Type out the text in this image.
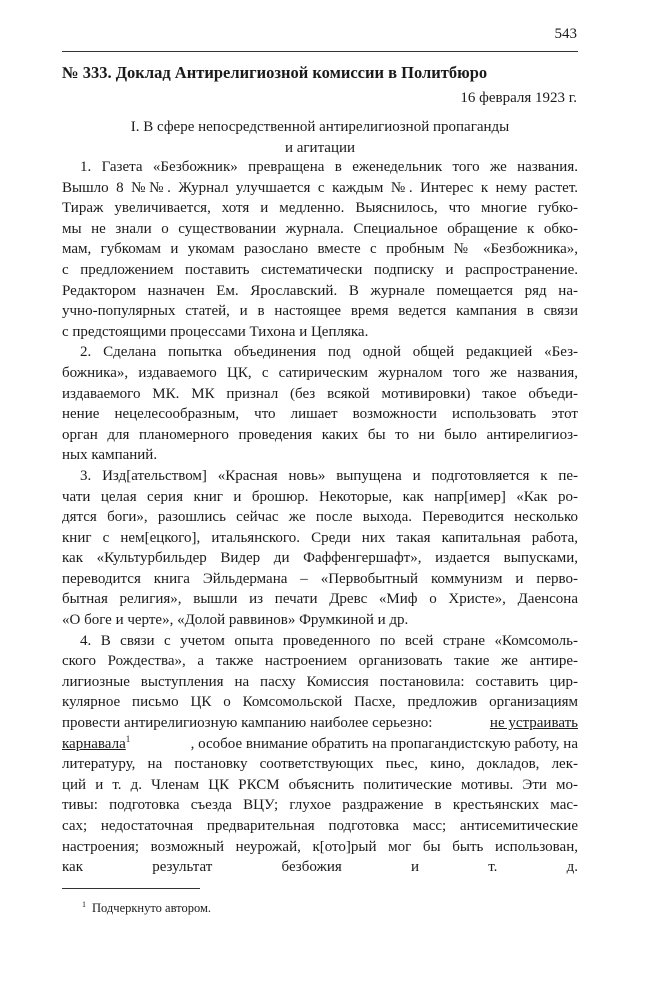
543
№ 333. Доклад Антирелигиозной комиссии в Политбюро
16 февраля 1923 г.
I. В сфере непосредственной антирелигиозной пропаганды
и агитации
1. Газета «Безбожник» превращена в еженедельник того же названия.
Вышло 8 №№. Журнал улучшается с каждым №. Интерес к нему растет.
Тираж увеличивается, хотя и медленно. Выяснилось, что многие губко-
мы не знали о существовании журнала. Специальное обращение к обко-
мам, губкомам и укомам разослано вместе с пробным № «Безбожника»,
с предложением поставить систематически подписку и распространение.
Редактором назначен Ем. Ярославский. В журнале помещается ряд на-
учно-популярных статей, и в настоящее время ведется кампания в связи
с предстоящими процессами Тихона и Цепляка.
2. Сделана попытка объединения под одной общей редакцией «Без-
божника», издаваемого ЦК, с сатирическим журналом того же названия,
издаваемого МК. МК признал (без всякой мотивировки) такое объеди-
нение нецелесообразным, что лишает возможности использовать этот
орган для планомерного проведения каких бы то ни было антирелигиоз-
ных кампаний.
3. Изд[ательством] «Красная новь» выпущена и подготовляется к пе-
чати целая серия книг и брошюр. Некоторые, как напр[имер] «Как ро-
дятся боги», разошлись сейчас же после выхода. Переводится несколько
книг с нем[ецкого], итальянского. Среди них такая капитальная работа,
как «Культурбильдер Видер ди Фаффенгершафт», издается выпусками,
переводится книга Эйльдермана – «Первобытный коммунизм и перво-
бытная религия», вышли из печати Древс «Миф о Христе», Даенсона
«О боге и черте», «Долой раввинов» Фрумкиной и др.
4. В связи с учетом опыта проведенного по всей стране «Комсомоль-
ского Рождества», а также настроением организовать такие же антире-
лигиозные выступления на пасху Комиссия постановила: составить цир-
кулярное письмо ЦК о Комсомольской Пасхе, предложив организациям
провести антирелигиозную кампанию наиболее серьезно:	не устраивать
карнавала$^1$	, особое внимание обратить на пропагандистскую работу, на
литературу, на постановку соответствующих пьес, кино, докладов, лек-
ций и т. д. Членам ЦК РКСМ объяснить политические мотивы. Эти мо-
тивы: подготовка съезда ВЦУ; глухое раздражение в крестьянских мас-
сах; недостаточная предварительная подготовка масс; антисемитические
настроения; возможный неурожай, к[ото]рый мог бы быть использован,
как результат безбожия и т. д.
$^1$ Подчеркнуто автором.
